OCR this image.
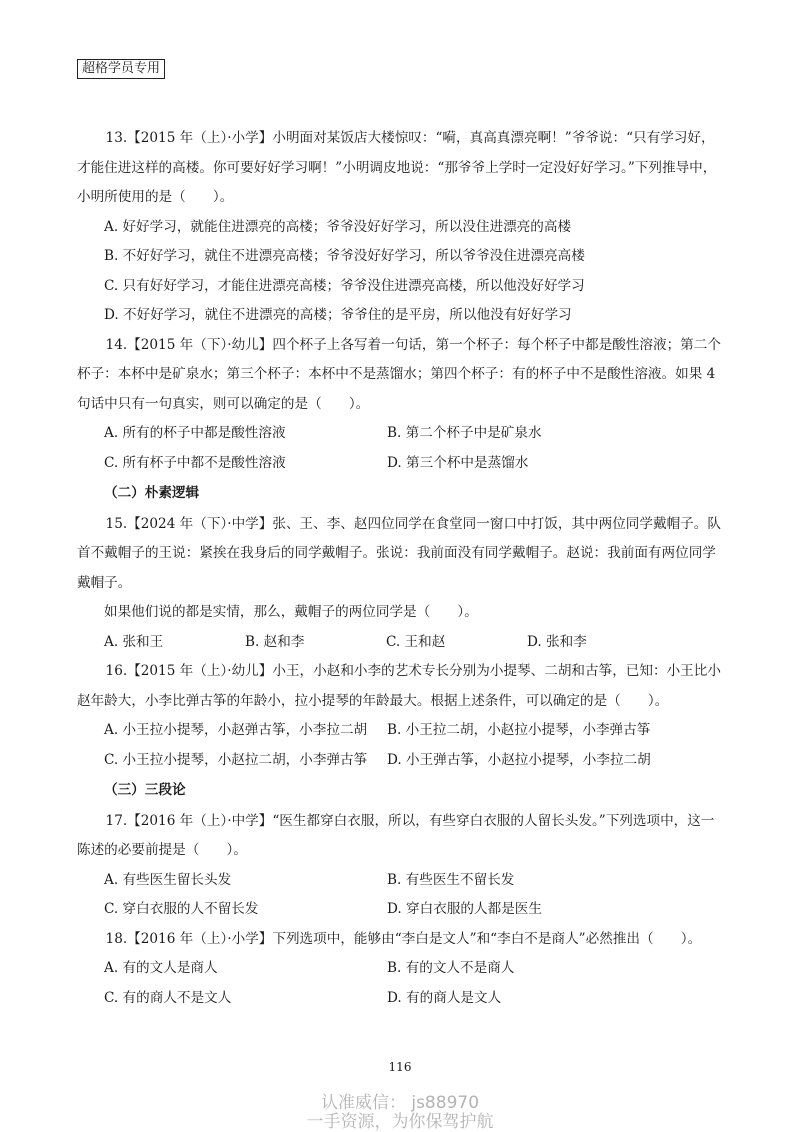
超格学员专用

13.【2015 年（上）·小学】小明面对某饭店大楼惊叹：“嗬，真高真漂亮啊！”爷爷说：“只有学习好，才能住进这样的高楼。你可要好好学习啊！”小明调皮地说：“那爷爷上学时一定没好好学习。”下列推导中，小明所使用的是（　　）。

A. 好好学习，就能住进漂亮的高楼；爷爷没好好学习，所以没住进漂亮的高楼
B. 不好好学习，就住不进漂亮高楼；爷爷没好好学习，所以爷爷没住进漂亮高楼
C. 只有好好学习，才能住进漂亮高楼；爷爷没住进漂亮高楼，所以他没好好学习
D. 不好好学习，就住不进漂亮的高楼；爷爷住的是平房，所以他没有好好学习

14.【2015 年（下）·幼儿】四个杯子上各写着一句话，第一个杯子：每个杯子中都是酸性溶液；第二个杯子：本杯中是矿泉水；第三个杯子：本杯中不是蒸馏水；第四个杯子：有的杯子中不是酸性溶液。如果 4 句话中只有一句真实，则可以确定的是（　　）。

A. 所有的杯子中都是酸性溶液	B. 第二个杯子中是矿泉水
C. 所有杯子中都不是酸性溶液	D. 第三个杯中是蒸馏水
（二）朴素逻辑

15.【2024 年（下）·中学】张、王、李、赵四位同学在食堂同一窗口中打饭，其中两位同学戴帽子。队首不戴帽子的王说：紧挨在我身后的同学戴帽子。张说：我前面没有同学戴帽子。赵说：我前面有两位同学戴帽子。

如果他们说的都是实情，那么，戴帽子的两位同学是（　　）。
A. 张和王	B. 赵和李	C. 王和赵	D. 张和李

16.【2015 年（上）·幼儿】小王，小赵和小李的艺术专长分别为小提琴、二胡和古筝，已知：小王比小赵年龄大，小李比弹古筝的年龄小，拉小提琴的年龄最大。根据上述条件，可以确定的是（　　）。

A. 小王拉小提琴，小赵弹古筝，小李拉二胡	B. 小王拉二胡，小赵拉小提琴，小李弹古筝
C. 小王拉小提琴，小赵拉二胡，小李弹古筝	D. 小王弹古筝，小赵拉小提琴，小李拉二胡
（三）三段论

17.【2016 年（上）·中学】“医生都穿白衣服，所以，有些穿白衣服的人留长头发。”下列选项中，这一陈述的必要前提是（　　）。

A. 有些医生留长头发	B. 有些医生不留长发
C. 穿白衣服的人不留长发	D. 穿白衣服的人都是医生

18.【2016 年（上）·小学】下列选项中，能够由“李白是文人”和“李白不是商人”必然推出（　　）。

A. 有的文人是商人	B. 有的文人不是商人
C. 有的商人不是文人	D. 有的商人是文人
116
认准威信： js88970
一手资源，为你保驾护航
